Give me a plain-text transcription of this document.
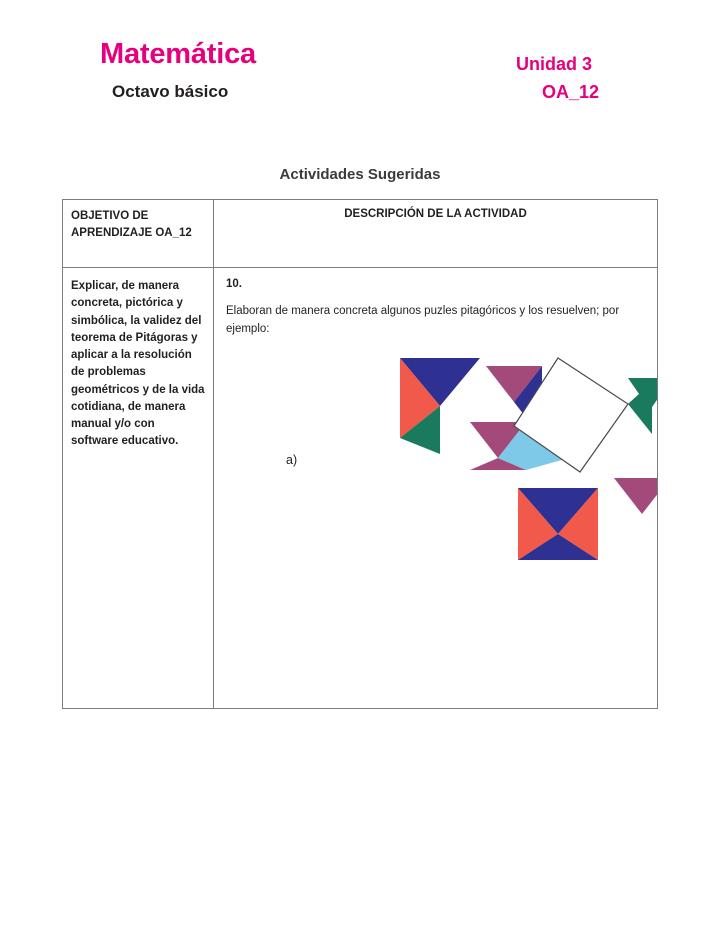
Matemática
Octavo básico
Unidad 3
OA_12
Actividades Sugeridas
OBJETIVO DE APRENDIZAJE OA_12
DESCRIPCIÓN DE LA ACTIVIDAD
Explicar, de manera concreta, pictórica y simbólica, la validez del teorema de Pitágoras y aplicar a la resolución de problemas geométricos y de la vida cotidiana, de manera manual y/o con software educativo.

10.

Elaboran de manera concreta algunos puzles pitagóricos y los resuelven; por ejemplo:

a)
